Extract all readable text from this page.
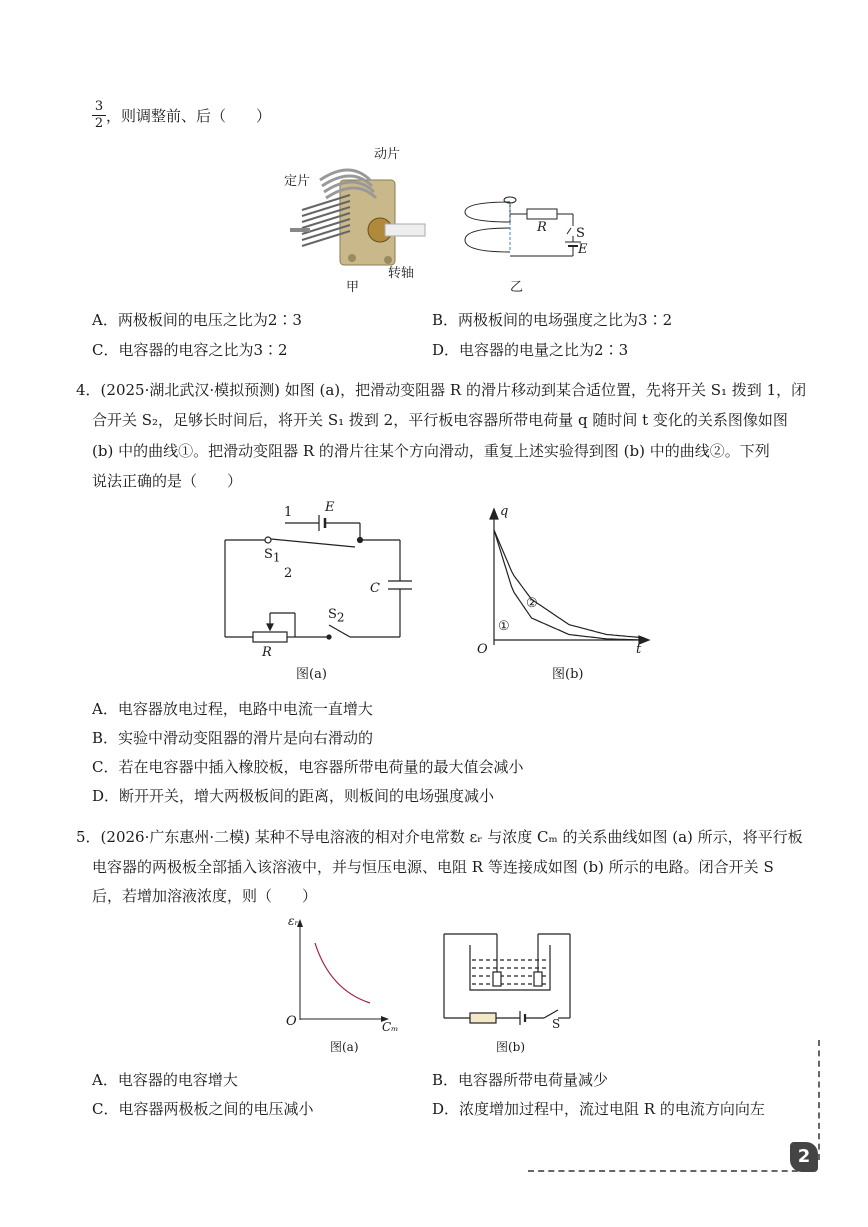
3
2 ，则调整前、后（　　）
定片
动片
转轴
甲
R S
E
乙
A．两极板间的电压之比为2∶3	B．两极板间的电场强度之比为3∶2
C．电容器的电容之比为3∶2	D．电容器的电量之比为2∶3
4．(2025·湖北武汉·模拟预测) 如图 (a)，把滑动变阻器 R 的滑片移动到某合适位置，先将开关 S₁ 拨到 1，闭
合开关 S₂，足够长时间后，将开关 S₁ 拨到 2，平行板电容器所带电荷量 q 随时间 t 变化的关系图像如图
(b) 中的曲线①。把滑动变阻器 R 的滑片往某个方向滑动，重复上述实验得到图 (b) 中的曲线②。下列
说法正确的是（　　）
1	E
$S_1$
2
C
$S_2$
R
图(a)
q
t
O
①
②
图(b)
A．电容器放电过程，电路中电流一直增大
B．实验中滑动变阻器的滑片是向右滑动的
C．若在电容器中插入橡胶板，电容器所带电荷量的最大值会减小
D．断开开关，增大两极板间的距离，则板间的电场强度减小
5．(2026·广东惠州·二模) 某种不导电溶液的相对介电常数 εᵣ 与浓度 Cₘ 的关系曲线如图 (a) 所示，将平行板
电容器的两极板全部插入该溶液中，并与恒压电源、电阻 R 等连接成如图 (b) 所示的电路。闭合开关 S
后，若增加溶液浓度，则（　　）
εᵣ
Cₘ
O
图(a)
S
图(b)
A．电容器的电容增大	B．电容器所带电荷量减少
C．电容器两极板之间的电压减小	D．浓度增加过程中，流过电阻 R 的电流方向向左
2
